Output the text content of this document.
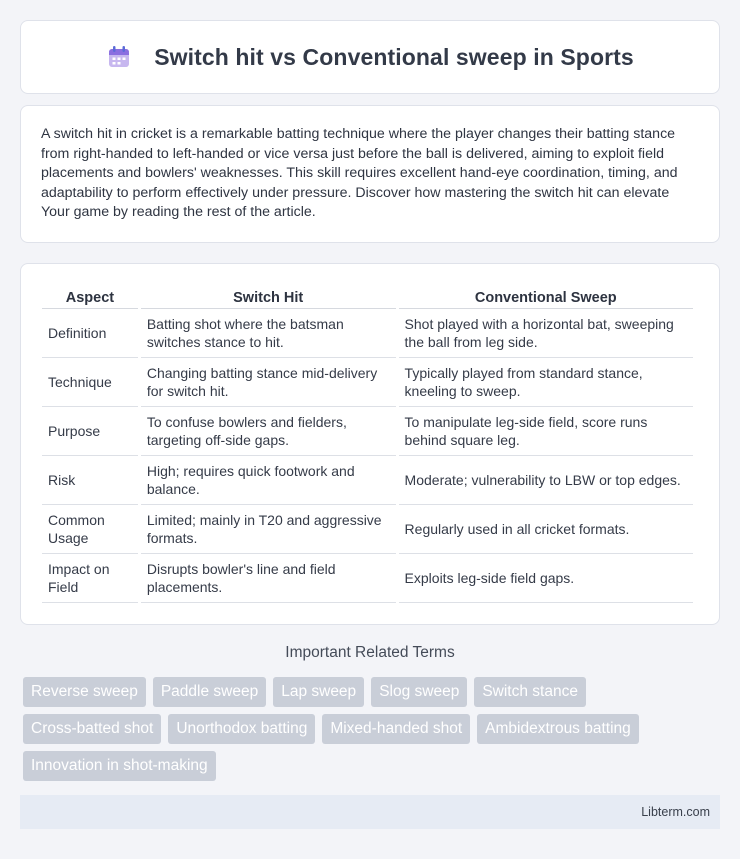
Switch hit vs Conventional sweep in Sports

A switch hit in cricket is a remarkable batting technique where the player changes their batting stance from right-handed to left-handed or vice versa just before the ball is delivered, aiming to exploit field placements and bowlers' weaknesses. This skill requires excellent hand-eye coordination, timing, and adaptability to perform effectively under pressure. Discover how mastering the switch hit can elevate Your game by reading the rest of the article.

Aspect	Switch Hit	Conventional Sweep
Definition	Batting shot where the batsman switches stance to hit.	Shot played with a horizontal bat, sweeping the ball from leg side.
Technique	Changing batting stance mid-delivery for switch hit.	Typically played from standard stance, kneeling to sweep.
Purpose	To confuse bowlers and fielders, targeting off-side gaps.	To manipulate leg-side field, score runs behind square leg.
Risk	High; requires quick footwork and balance.	Moderate; vulnerability to LBW or top edges.
Common Usage	Limited; mainly in T20 and aggressive formats.	Regularly used in all cricket formats.
Impact on Field	Disrupts bowler's line and field placements.	Exploits leg-side field gaps.
Important Related Terms
Reverse sweep	Paddle sweep	Lap sweep	Slog sweep	Switch stance
Cross-batted shot	Unorthodox batting	Mixed-handed shot	Ambidextrous batting
Innovation in shot-making
Libterm.com
